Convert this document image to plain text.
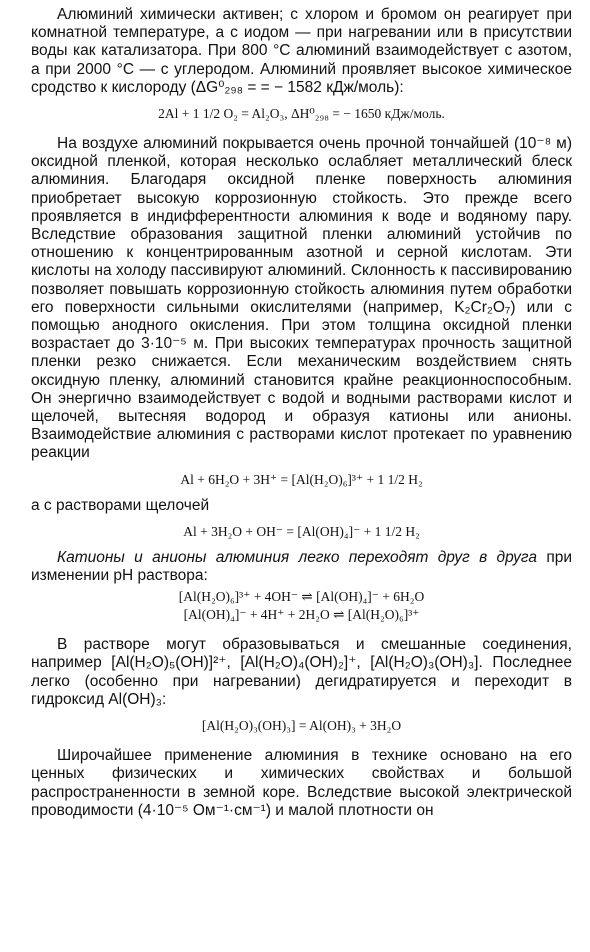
Алюминий химически активен; с хлором и бромом он реагирует при комнатной температуре, а с иодом — при нагревании или в присутствии воды как катализатора. При 800 °С алюминий взаимодействует с азотом, а при 2000 °С — с углеродом. Алюминий проявляет высокое химическое сродство к кислороду (ΔG⁰₂₉₈ = = − 1582 кДж/моль):

2Al + 1 1/2 O₂ = Al₂O₃, ΔH⁰₂₉₈ = − 1650 кДж/моль.

На воздухе алюминий покрывается очень прочной тончайшей (10⁻⁸ м) оксидной пленкой, которая несколько ослабляет металлический блеск алюминия. Благодаря оксидной пленке поверхность алюминия приобретает высокую коррозионную стойкость. Это прежде всего проявляется в индифферентности алюминия к воде и водяному пару. Вследствие образования защитной пленки алюминий устойчив по отношению к концентрированным азотной и серной кислотам. Эти кислоты на холоду пассивируют алюминий. Склонность к пассивированию позволяет повышать коррозионную стойкость алюминия путем обработки его поверхности сильными окислителями (например, K₂Cr₂O₇) или с помощью анодного окисления. При этом толщина оксидной пленки возрастает до 3·10⁻⁵ м. При высоких температурах прочность защитной пленки резко снижается. Если механическим воздействием снять оксидную пленку, алюминий становится крайне реакционноспособным. Он энергично взаимодействует с водой и водными растворами кислот и щелочей, вытесняя водород и образуя катионы или анионы. Взаимодействие алюминия с растворами кислот протекает по уравнению реакции

Al + 6H₂O + 3H⁺ = [Al(H₂O)₆]³⁺ + 1 1/2 H₂

а с растворами щелочей

Al + 3H₂O + OH⁻ = [Al(OH)₄]⁻ + 1 1/2 H₂

Катионы и анионы алюминия легко переходят друг в друга при изменении pH раствора:

[Al(H₂O)₆]³⁺ + 4OH⁻ ⇌ [Al(OH)₄]⁻ + 6H₂O

[Al(OH)₄]⁻ + 4H⁺ + 2H₂O ⇌ [Al(H₂O)₆]³⁺

В растворе могут образовываться и смешанные соединения, например [Al(H₂O)₅(OH)]²⁺, [Al(H₂O)₄(OH)₂]⁺, [Al(H₂O)₃(OH)₃]. Последнее легко (особенно при нагревании) дегидратируется и переходит в гидроксид Al(OH)₃:

[Al(H₂O)₃(OH)₃] = Al(OH)₃ + 3H₂O

Широчайшее применение алюминия в технике основано на его ценных физических и химических свойствах и большой распространенности в земной коре. Вследствие высокой электрической проводимости (4·10⁻⁵ Ом⁻¹·см⁻¹) и малой плотности он
